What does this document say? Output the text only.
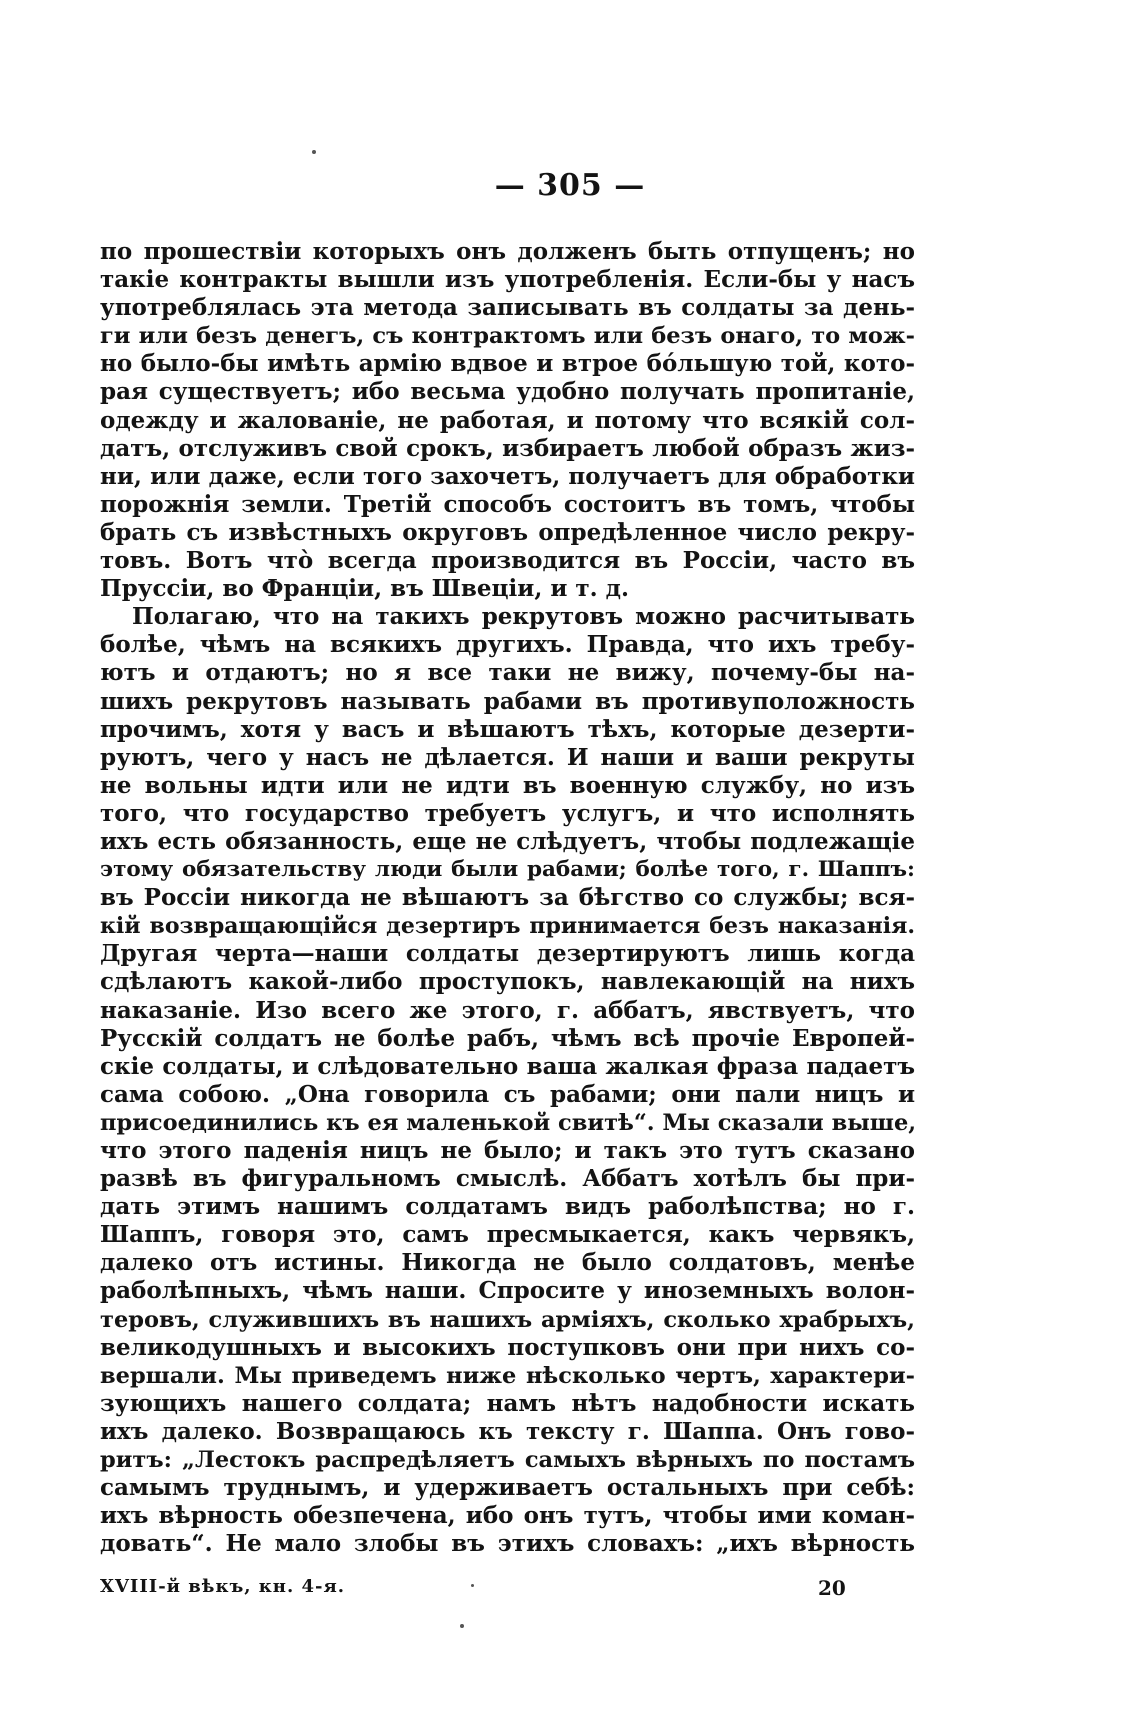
— 305 —
по прошествіи которыхъ онъ долженъ быть отпущенъ; но
такіе контракты вышли изъ употребленія. Если-бы у насъ
употреблялась эта метода записывать въ солдаты за день-
ги или безъ денегъ, съ контрактомъ или безъ онаго, то мож-
но было-бы имѣть армію вдвое и втрое бо́льшую той, кото-
рая существуетъ; ибо весьма удобно получать пропитаніе,
одежду и жалованіе, не работая, и потому что всякій сол-
датъ, отслуживъ свой срокъ, избираетъ любой образъ жиз-
ни, или даже, если того захочетъ, получаетъ для обработки
порожнія земли. Третій способъ состоитъ въ томъ, чтобы
брать съ извѣстныхъ округовъ опредѣленное число рекру-
товъ. Вотъ что̀ всегда производится въ Россіи, часто въ
Пруссіи, во Франціи, въ Швеціи, и т. д.
Полагаю, что на такихъ рекрутовъ можно расчитывать
болѣе, чѣмъ на всякихъ другихъ. Правда, что ихъ требу-
ютъ и отдаютъ; но я все таки не вижу, почему-бы на-
шихъ рекрутовъ называть рабами въ противуположность
прочимъ, хотя у васъ и вѣшаютъ тѣхъ, которые дезерти-
руютъ, чего у насъ не дѣлается. И наши и ваши рекруты
не вольны идти или не идти въ военную службу, но изъ
того, что государство требуетъ услугъ, и что исполнять
ихъ есть обязанность, еще не слѣдуетъ, чтобы подлежащіе
этому обязательству люди были рабами; болѣе того, г. Шаппъ:
въ Россіи никогда не вѣшаютъ за бѣгство со службы; вся-
кій возвращающійся дезертиръ принимается безъ наказанія.
Другая черта—наши солдаты дезертируютъ лишь когда
сдѣлаютъ какой-либо проступокъ, навлекающій на нихъ
наказаніе. Изо всего же этого, г. аббатъ, явствуетъ, что
Русскій солдатъ не болѣе рабъ, чѣмъ всѣ прочіе Европей-
скіе солдаты, и слѣдовательно ваша жалкая фраза падаетъ
сама собою. „Она говорила съ рабами; они пали ницъ и
присоединились къ ея маленькой свитѣ“. Мы сказали выше,
что этого паденія ницъ не было; и такъ это тутъ сказано
развѣ въ фигуральномъ смыслѣ. Аббатъ хотѣлъ бы при-
дать этимъ нашимъ солдатамъ видъ раболѣпства; но г.
Шаппъ, говоря это, самъ пресмыкается, какъ червякъ,
далеко отъ истины. Никогда не было солдатовъ, менѣе
раболѣпныхъ, чѣмъ наши. Спросите у иноземныхъ волон-
теровъ, служившихъ въ нашихъ арміяхъ, сколько храбрыхъ,
великодушныхъ и высокихъ поступковъ они при нихъ со-
вершали. Мы приведемъ ниже нѣсколько чертъ, характери-
зующихъ нашего солдата; намъ нѣтъ надобности искать
ихъ далеко. Возвращаюсь къ тексту г. Шаппа. Онъ гово-
ритъ: „Лестокъ распредѣляетъ самыхъ вѣрныхъ по постамъ
самымъ труднымъ, и удерживаетъ остальныхъ при себѣ:
ихъ вѣрность обезпечена, ибо онъ тутъ, чтобы ими коман-
довать“. Не мало злобы въ этихъ словахъ: „ихъ вѣрность
XVIII-й вѣкъ, кн. 4-я.	20
